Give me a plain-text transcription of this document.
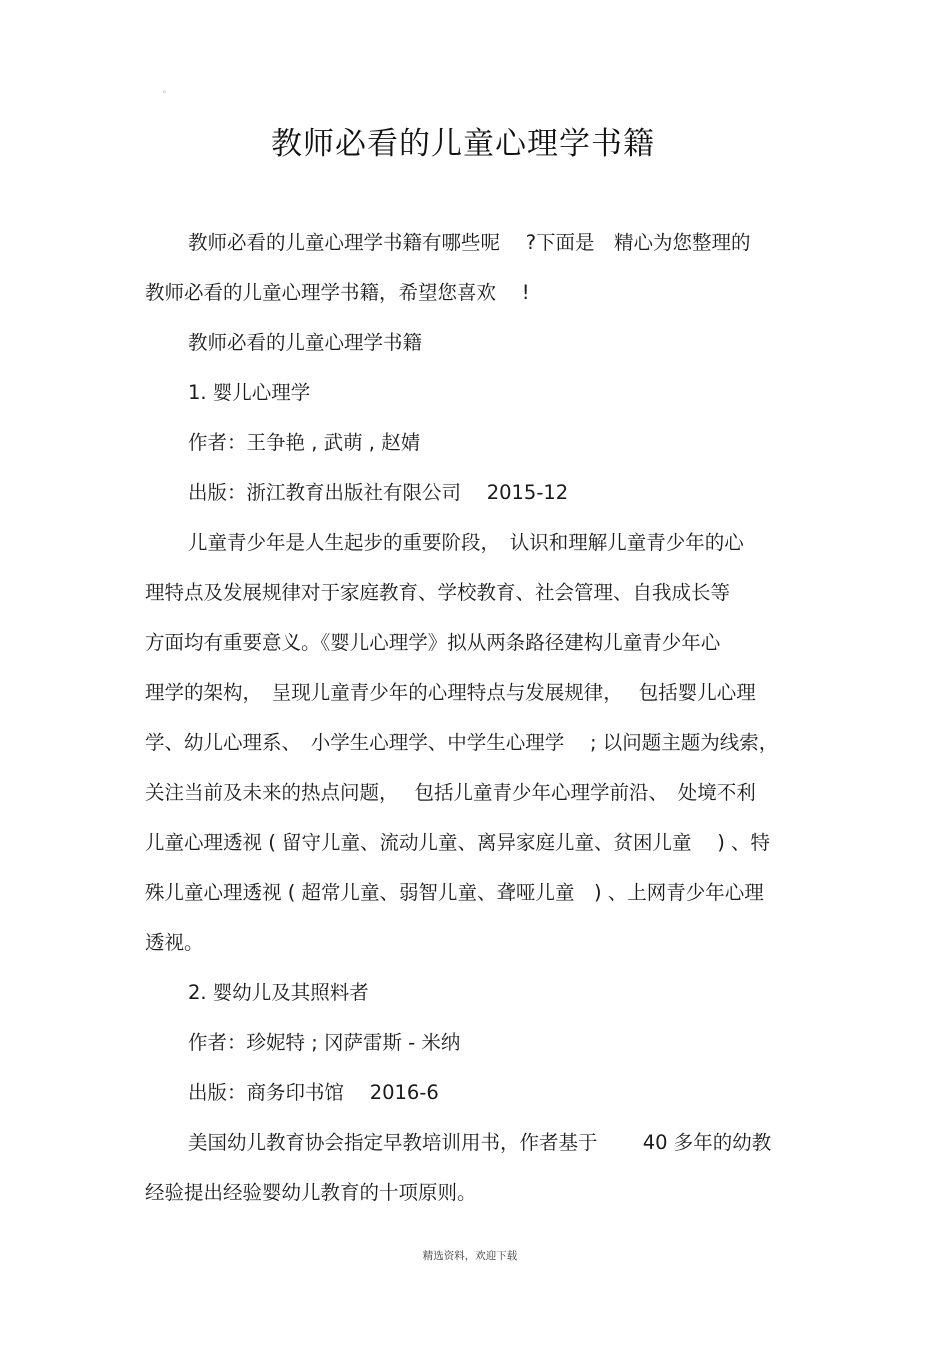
。
教师必看的儿童心理学书籍
教师必看的儿童心理学书籍有哪些呢　 ?下面是　精心为您整理的
教师必看的儿童心理学书籍，希望您喜欢　 !
教师必看的儿童心理学书籍
1. 婴儿心理学
作者：王争艳 , 武萌 , 赵婧
出版：浙江教育出版社有限公司　 2015-12
儿童青少年是人生起步的重要阶段，　认识和理解儿童青少年的心
理特点及发展规律对于家庭教育、学校教育、社会管理、自我成长等
方面均有重要意义。《婴儿心理学》拟从两条路径建构儿童青少年心
理学的架构，　呈现儿童青少年的心理特点与发展规律，　 包括婴儿心理
学、幼儿心理系、　小学生心理学、中学生心理学　 ; 以问题主题为线索，
关注当前及未来的热点问题，　 包括儿童青少年心理学前沿、　处境不利
儿童心理透视 ( 留守儿童、流动儿童、离异家庭儿童、贫困儿童　 ) 、特
殊儿童心理透视 ( 超常儿童、弱智儿童、聋哑儿童　) 、上网青少年心理
透视。
2. 婴幼儿及其照料者
作者：珍妮特 ; 冈萨雷斯 - 米纳
出版：商务印书馆　 2016-6
美国幼儿教育协会指定早教培训用书，作者基于　　 40 多年的幼教
经验提出经验婴幼儿教育的十项原则。
精选资料，欢迎下载
